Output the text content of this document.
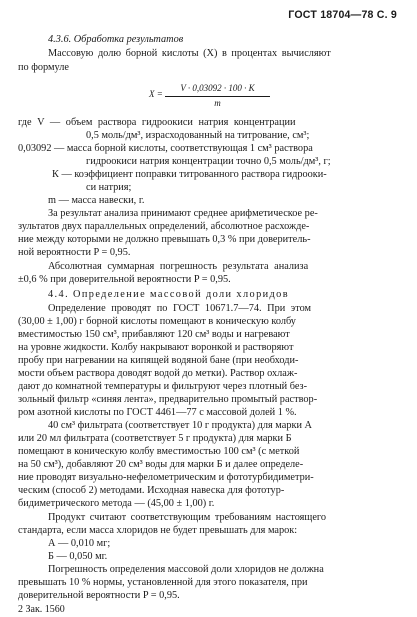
ГОСТ 18704—78 С. 9
4.3.6. Обработка результатов
Массовую долю борной кислоты (X) в процентах вычисляют
по формуле
$X = \frac{V \cdot 0,03092 \cdot 100 \cdot K}{m}$
где V — объем раствора гидроокиси натрия концентрации
0,5 моль/дм³, израсходованный на титрование, см³;
0,03092 — масса борной кислоты, соответствующая 1 см³ раствора
гидроокиси натрия концентрации точно 0,5 моль/дм³, г;
К — коэффициент поправки титрованного раствора гидрооки-
си натрия;
m — масса навески, г.
За результат анализа принимают среднее арифметическое ре-
зультатов двух параллельных определений, абсолютное расхожде-
ние между которыми не должно превышать 0,3 % при доверитель-
ной вероятности P = 0,95.
Абсолютная суммарная погрешность результата анализа
±0,6 % при доверительной вероятности P = 0,95.
4.4. Определение массовой доли хлоридов
Определение проводят по ГОСТ 10671.7—74. При этом
(30,00 ± 1,00) г борной кислоты помещают в коническую колбу
вместимостью 150 см³, прибавляют 120 см³ воды и нагревают
на уровне жидкости. Колбу накрывают воронкой и растворяют
пробу при нагревании на кипящей водяной бане (при необходи-
мости объем раствора доводят водой до метки). Раствор охлаж-
дают до комнатной температуры и фильтруют через плотный без-
зольный фильтр «синяя лента», предварительно промытый раствор-
ром азотной кислоты по ГОСТ 4461—77 с массовой долей 1 %.
40 см³ фильтрата (соответствует 10 г продукта) для марки А
или 20 мл фильтрата (соответствует 5 г продукта) для марки Б
помещают в коническую колбу вместимостью 100 см³ (с меткой
на 50 см³), добавляют 20 см³ воды для марки Б и далее определе-
ние проводят визуально-нефелометрическим и фототурбидиметри-
ческим (способ 2) методами. Исходная навеска для фототур-
бидиметрического метода — (45,00 ± 1,00) г.
Продукт считают соответствующим требованиям настоящего
стандарта, если масса хлоридов не будет превышать для марок:
А — 0,010 мг;
Б — 0,050 мг.
Погрешность определения массовой доли хлоридов не должна
превышать 10 % нормы, установленной для этого показателя, при
доверительной вероятности P = 0,95.
2 Зак. 1560
